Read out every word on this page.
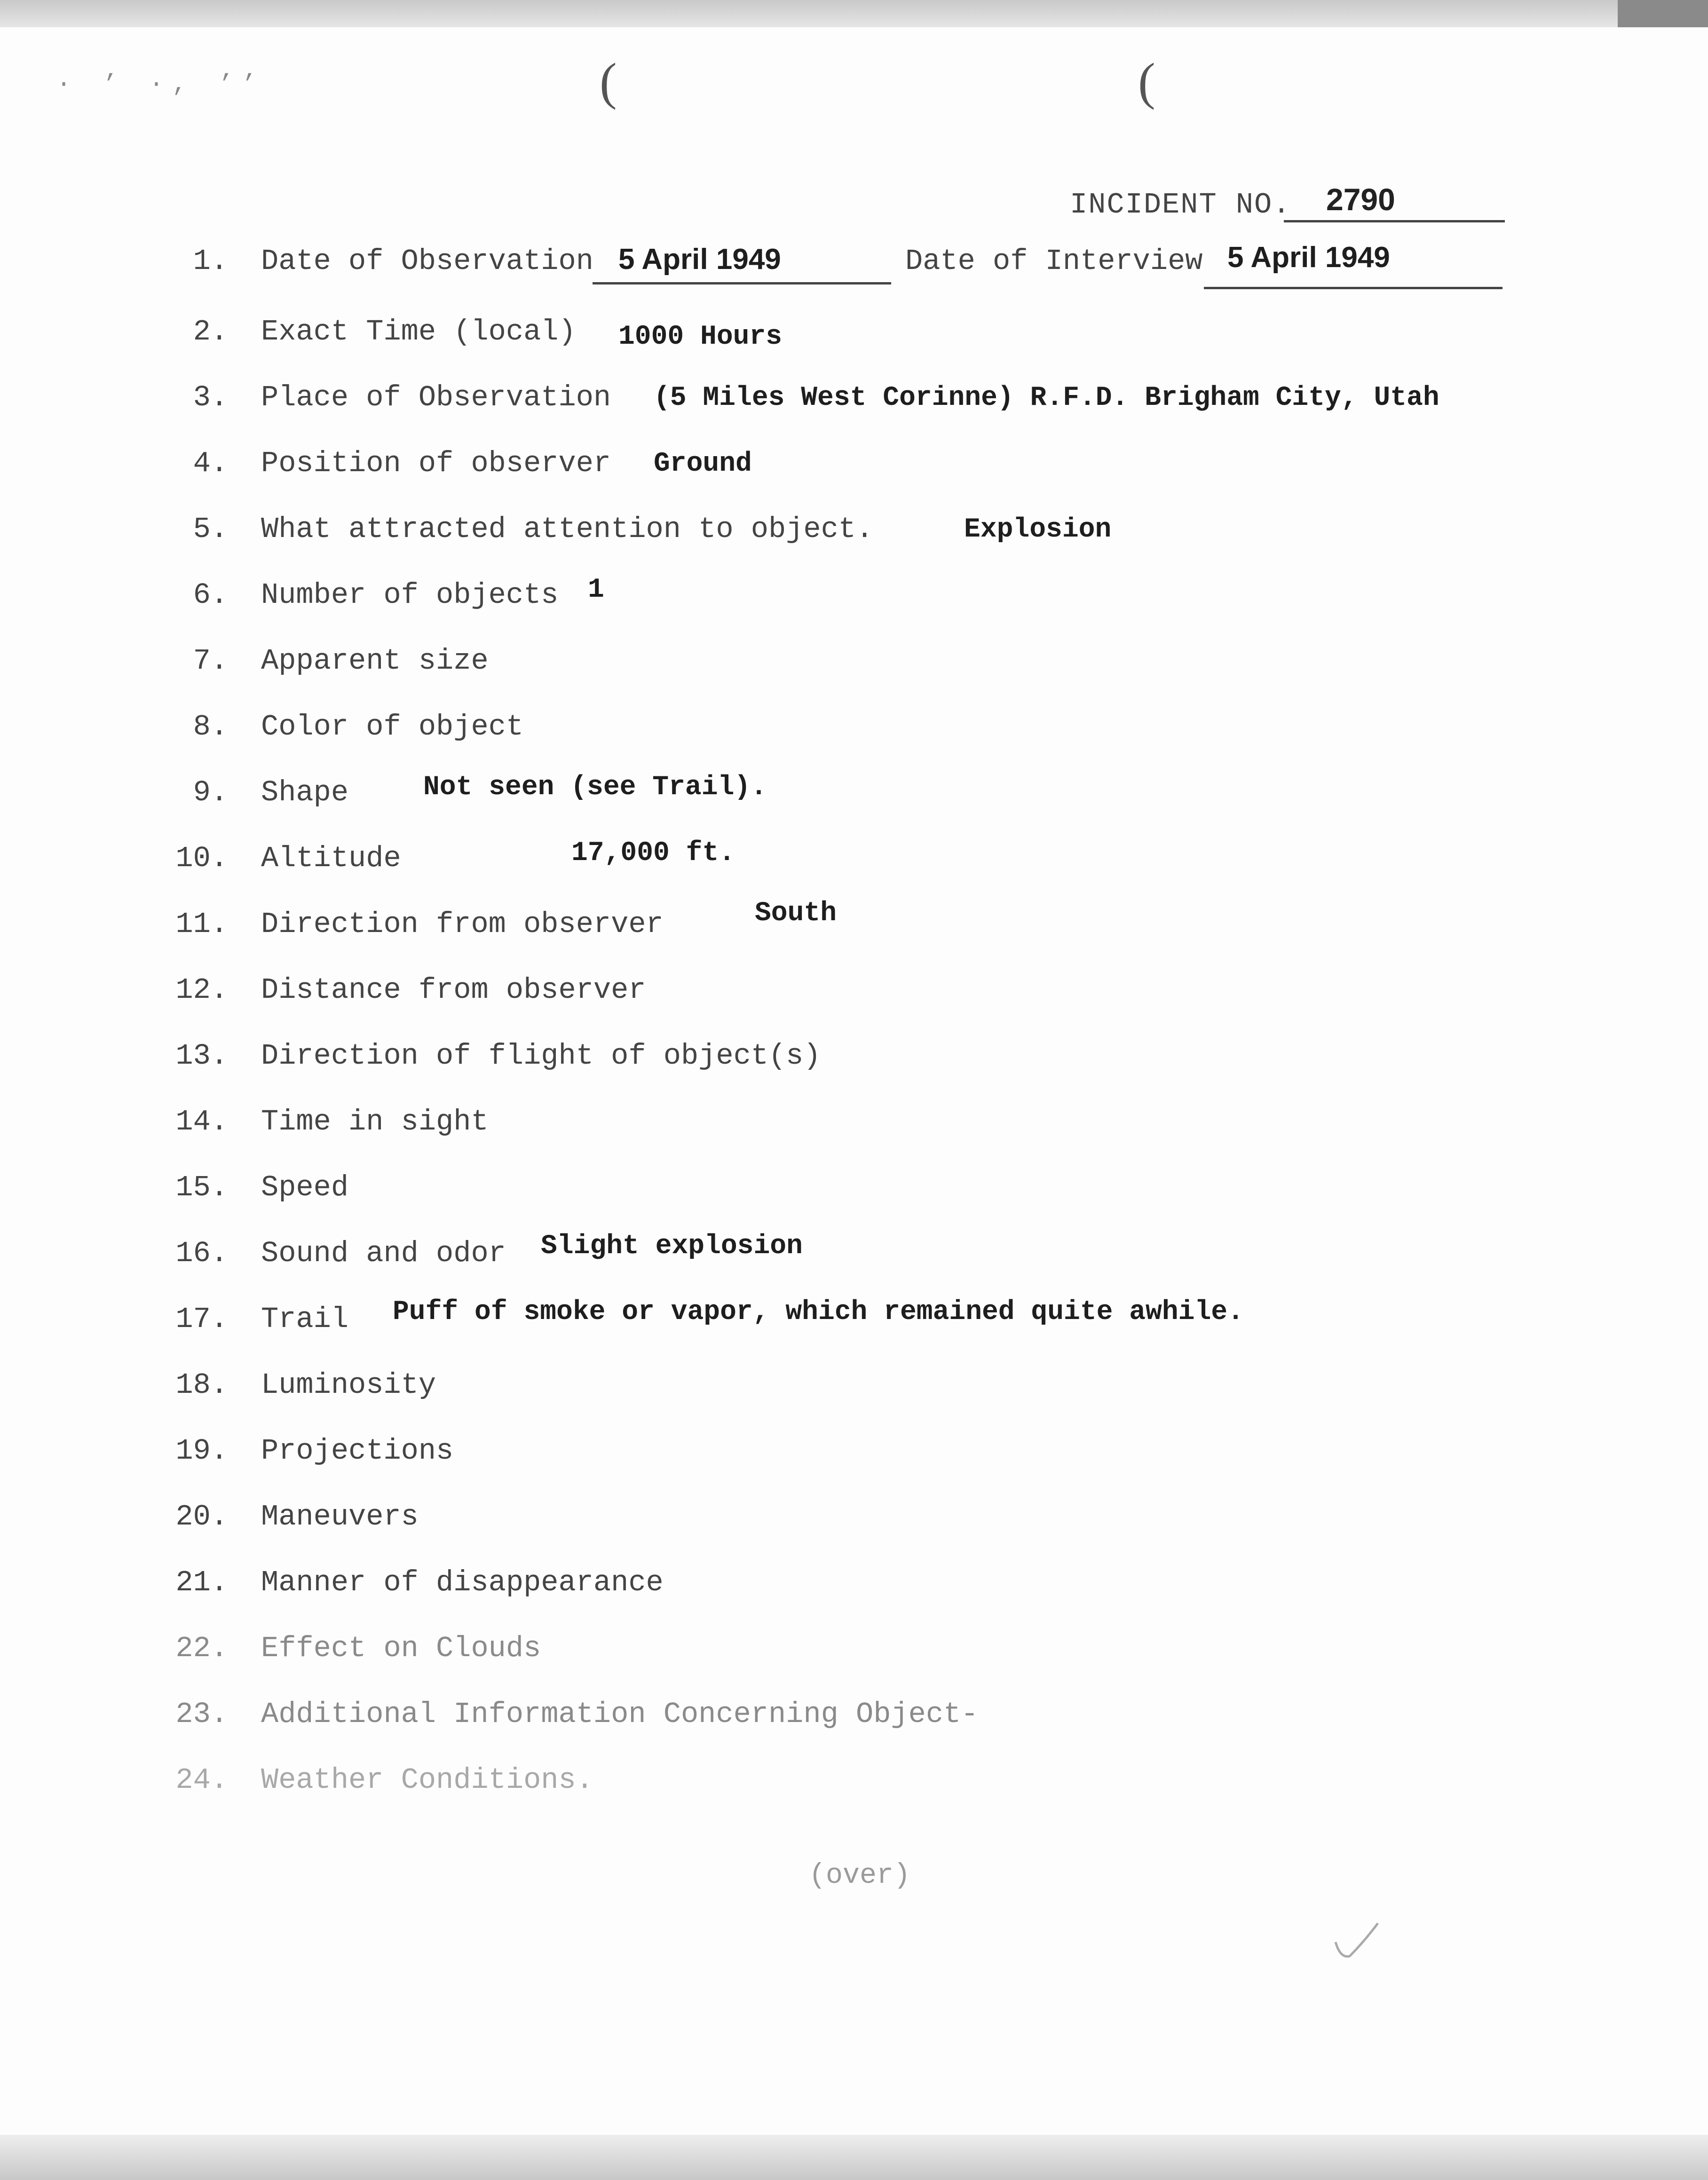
(	(
· ’ ·, ’’
INCIDENT NO. 2790
1. Date of Observation 5 April 1949	Date of Interview 5 April 1949
2. Exact Time (local) 1000 Hours
3. Place of Observation (5 Miles West Corinne) R.F.D. Brigham City, Utah
4. Position of observer Ground
5. What attracted attention to object.	Explosion
6. Number of objects 1
7. Apparent size
8. Color of object
9. Shape	Not seen (see Trail).
10. Altitude	17,000 ft.
11. Direction from observer	South
12. Distance from observer
13. Direction of flight of object(s)
14. Time in sight
15. Speed
16. Sound and odor Slight explosion
17. Trail Puff of smoke or vapor, which remained quite awhile.
18. Luminosity
19. Projections
20. Maneuvers
21. Manner of disappearance
22. Effect on Clouds
23. Additional Information Concerning Object-
24. Weather Conditions.
(over)
